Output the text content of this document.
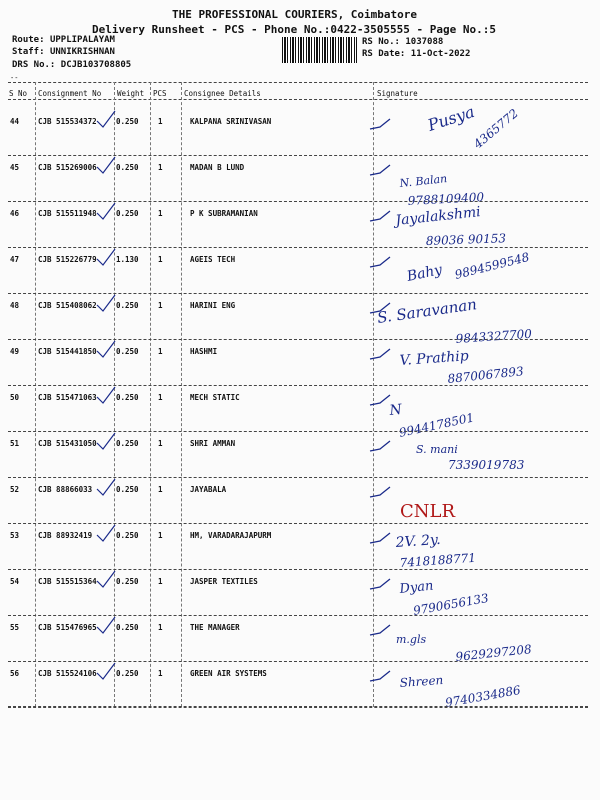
THE PROFESSIONAL COURIERS, Coimbatore
Delivery Runsheet - PCS - Phone No.:0422-3505555 - Page No.:5
Route: UPPLIPALAYAM
Staff: UNNIKRISHNAN
DRS No.: DCJB103708805
RS No.: 1037088
RS Date: 11-Oct-2022
--
S No Consignment No Weight PCS Consignee Details	Signature
44	CJB 515534372	0.250	1	KALPANA SRINIVASAN	Pusya
4365772
45	CJB 515269006	0.250	1	MADAN B LUND
N. Balan
9788109400
46	CJB 515511948	0.250	1	P K SUBRAMANIAN	Jayalakshmi
89036 90153
47	CJB 515226779	1.130	1	AGEIS TECH
Bahy 9894599548
48	CJB 515408062	0.250	1	HARINI ENG	S. Saravanan
9843327700
49	CJB 515441850	0.250	1	HASHMI	V. Prathip
8870067893
50	CJB 515471063	0.250	1	MECH STATIC
N
9944178501
51	CJB 515431050	0.250	1	SHRI AMMAN	S. mani
7339019783
52	CJB 88866033	0.250	1	JAYABALA
CNLR
53	CJB 88932419	0.250	1	HM, VARADARAJAPURM	2V. 2y.
7418188771
54	CJB 515515364	0.250	1	JASPER TEXTILES	Dyan
9790656133
55	CJB 515476965	0.250	1	THE MANAGER
m.gls
9629297208
56	CJB 515524106	0.250	1	GREEN AIR SYSTEMS	Shreen
9740334886
